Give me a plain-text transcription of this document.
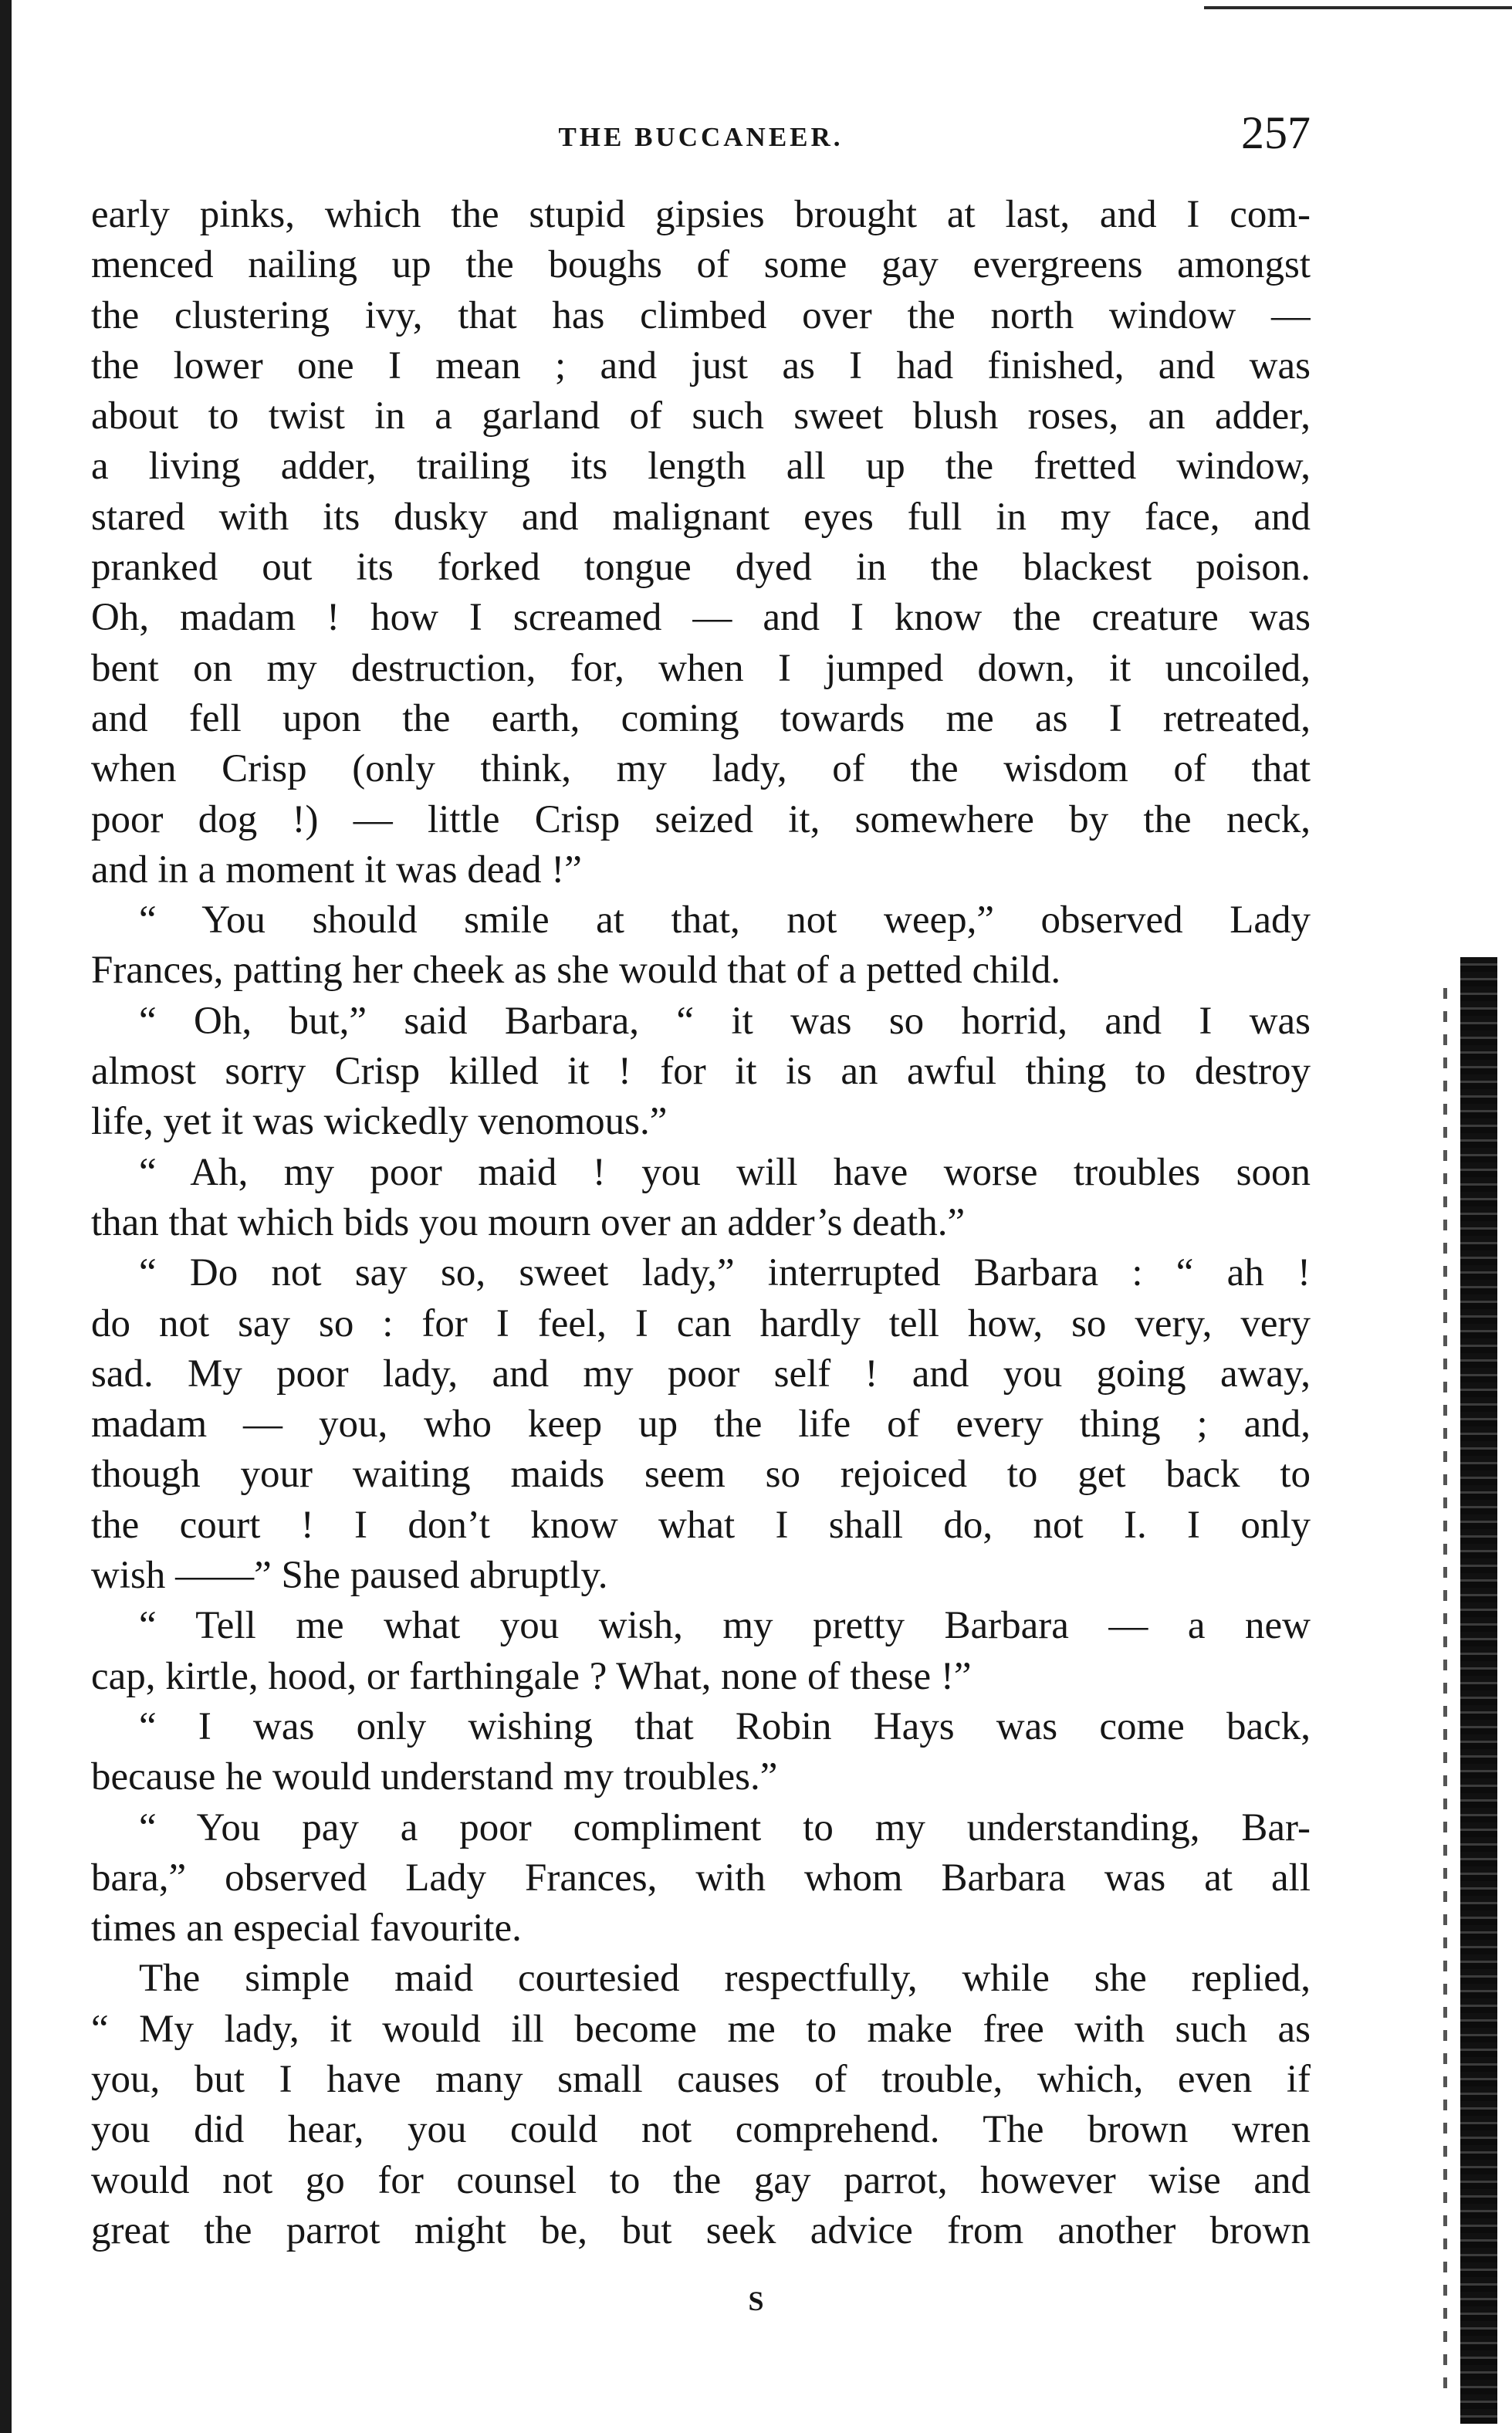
THE BUCCANEER.	257
early pinks, which the stupid gipsies brought at last, and I com-
menced nailing up the boughs of some gay evergreens amongst
the clustering ivy, that has climbed over the north window —
the lower one I mean ; and just as I had finished, and was
about to twist in a garland of such sweet blush roses, an adder,
a living adder, trailing its length all up the fretted window,
stared with its dusky and malignant eyes full in my face, and
pranked out its forked tongue dyed in the blackest poison.
Oh, madam ! how I screamed — and I know the creature was
bent on my destruction, for, when I jumped down, it uncoiled,
and fell upon the earth, coming towards me as I retreated,
when Crisp (only think, my lady, of the wisdom of that
poor dog !) — little Crisp seized it, somewhere by the neck,
and in a moment it was dead !”
“ You should smile at that, not weep,” observed Lady
Frances, patting her cheek as she would that of a petted child.
“ Oh, but,” said Barbara, “ it was so horrid, and I was
almost sorry Crisp killed it ! for it is an awful thing to destroy
life, yet it was wickedly venomous.”
“ Ah, my poor maid ! you will have worse troubles soon
than that which bids you mourn over an adder’s death.”
“ Do not say so, sweet lady,” interrupted Barbara : “ ah !
do not say so : for I feel, I can hardly tell how, so very, very
sad. My poor lady, and my poor self ! and you going away,
madam — you, who keep up the life of every thing ; and,
though your waiting maids seem so rejoiced to get back to
the court ! I don’t know what I shall do, not I. I only
wish ——” She paused abruptly.
“ Tell me what you wish, my pretty Barbara — a new
cap, kirtle, hood, or farthingale ? What, none of these !”
“ I was only wishing that Robin Hays was come back,
because he would understand my troubles.”
“ You pay a poor compliment to my understanding, Bar-
bara,” observed Lady Frances, with whom Barbara was at all
times an especial favourite.
The simple maid courtesied respectfully, while she replied,
“ My lady, it would ill become me to make free with such as
you, but I have many small causes of trouble, which, even if
you did hear, you could not comprehend. The brown wren
would not go for counsel to the gay parrot, however wise and
great the parrot might be, but seek advice from another brown
S
